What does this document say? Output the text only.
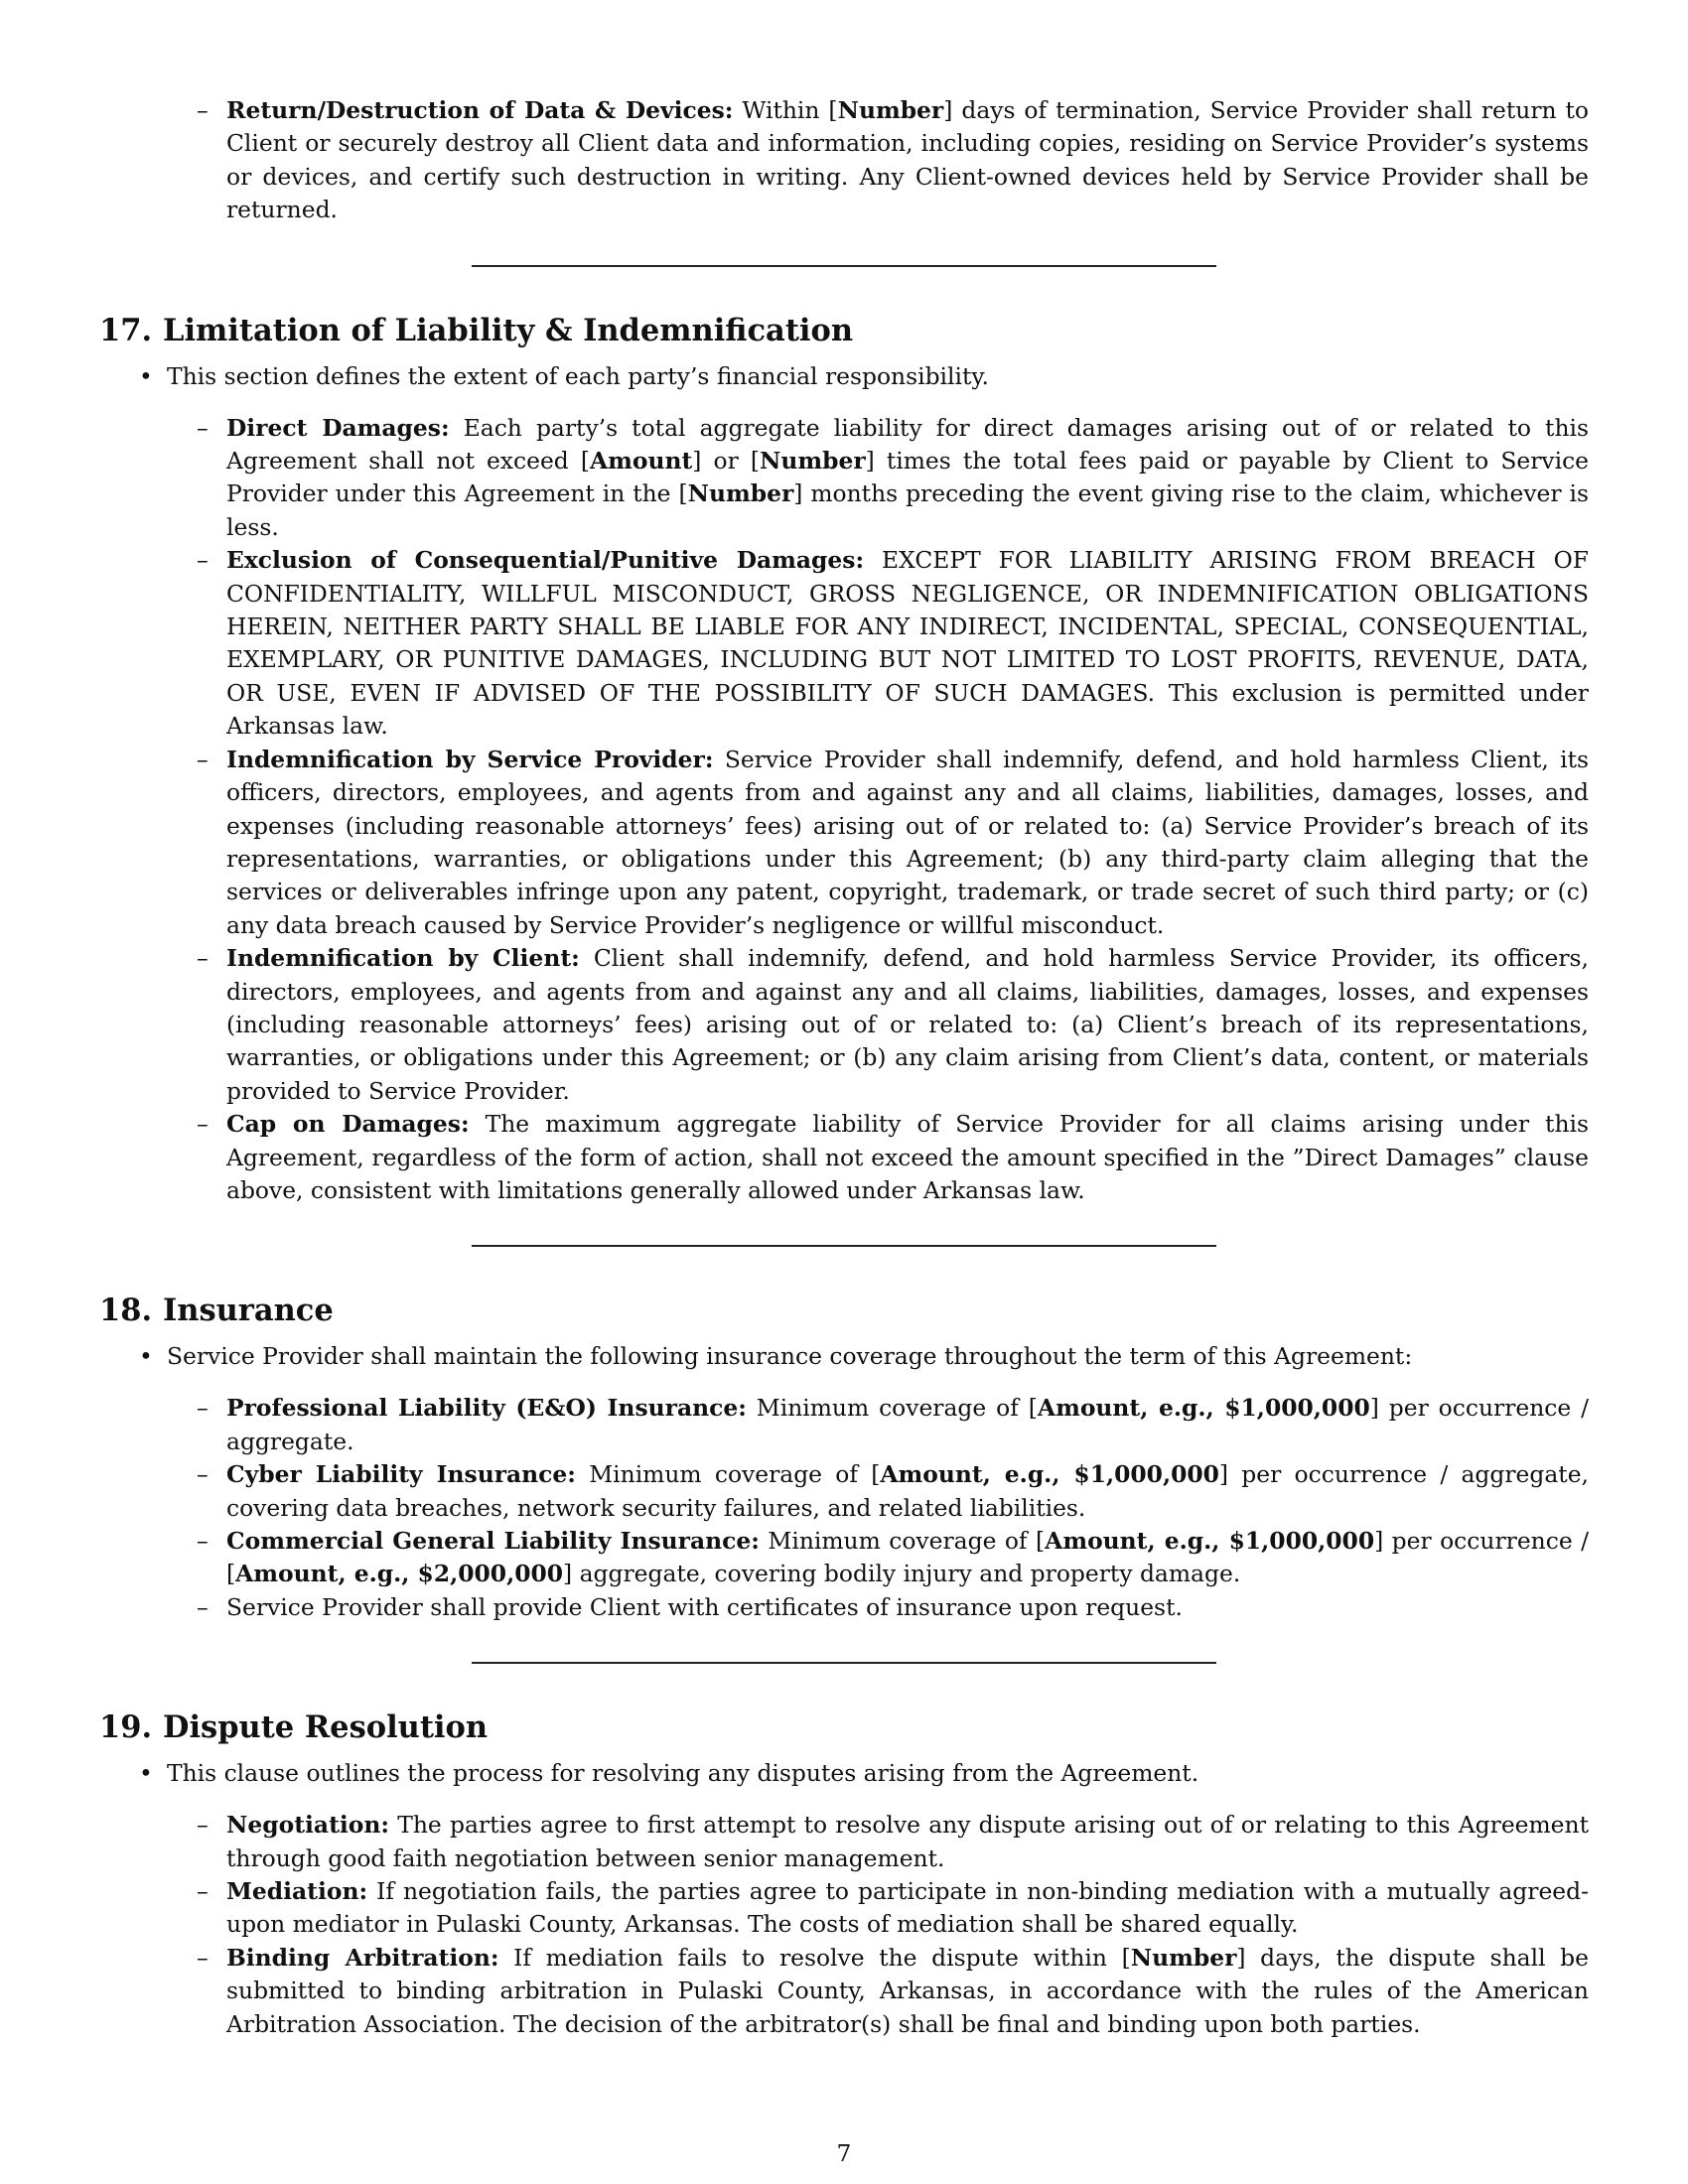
– Return/Destruction of Data & Devices: Within [Number] days of termination, Service Provider shall return to Client or securely destroy all Client data and information, including copies, residing on Service Provider’s systems or devices, and certify such destruction in writing. Any Client-owned devices held by Service Provider shall be returned.
17. Limitation of Liability & Indemnification
• This section defines the extent of each party’s financial responsibility.
– Direct Damages: Each party’s total aggregate liability for direct damages arising out of or related to this Agreement shall not exceed [Amount] or [Number] times the total fees paid or payable by Client to Service Provider under this Agreement in the [Number] months preceding the event giving rise to the claim, whichever is less.
– Exclusion of Consequential/Punitive Damages: EXCEPT FOR LIABILITY ARISING FROM BREACH OF CONFIDENTIALITY, WILLFUL MISCONDUCT, GROSS NEGLIGENCE, OR INDEMNIFICATION OBLIGATIONS HEREIN, NEITHER PARTY SHALL BE LIABLE FOR ANY INDIRECT, INCIDENTAL, SPECIAL, CONSEQUENTIAL, EXEMPLARY, OR PUNITIVE DAMAGES, INCLUDING BUT NOT LIMITED TO LOST PROFITS, REVENUE, DATA, OR USE, EVEN IF ADVISED OF THE POSSIBILITY OF SUCH DAMAGES. This exclusion is permitted under Arkansas law.
– Indemnification by Service Provider: Service Provider shall indemnify, defend, and hold harmless Client, its officers, directors, employees, and agents from and against any and all claims, liabilities, damages, losses, and expenses (including reasonable attorneys’ fees) arising out of or related to: (a) Service Provider’s breach of its representations, warranties, or obligations under this Agreement; (b) any third-party claim alleging that the services or deliverables infringe upon any patent, copyright, trademark, or trade secret of such third party; or (c) any data breach caused by Service Provider’s negligence or willful misconduct.
– Indemnification by Client: Client shall indemnify, defend, and hold harmless Service Provider, its officers, directors, employees, and agents from and against any and all claims, liabilities, damages, losses, and expenses (including reasonable attorneys’ fees) arising out of or related to: (a) Client’s breach of its representations, warranties, or obligations under this Agreement; or (b) any claim arising from Client’s data, content, or materials provided to Service Provider.
– Cap on Damages: The maximum aggregate liability of Service Provider for all claims arising under this Agreement, regardless of the form of action, shall not exceed the amount specified in the ”Direct Damages” clause above, consistent with limitations generally allowed under Arkansas law.
18. Insurance
• Service Provider shall maintain the following insurance coverage throughout the term of this Agreement:
– Professional Liability (E&O) Insurance: Minimum coverage of [Amount, e.g., $1,000,000] per occurrence / aggregate.
– Cyber Liability Insurance: Minimum coverage of [Amount, e.g., $1,000,000] per occurrence / aggregate, covering data breaches, network security failures, and related liabilities.
– Commercial General Liability Insurance: Minimum coverage of [Amount, e.g., $1,000,000] per occurrence / [Amount, e.g., $2,000,000] aggregate, covering bodily injury and property damage.
– Service Provider shall provide Client with certificates of insurance upon request.
19. Dispute Resolution
• This clause outlines the process for resolving any disputes arising from the Agreement.
– Negotiation: The parties agree to first attempt to resolve any dispute arising out of or relating to this Agreement through good faith negotiation between senior management.
– Mediation: If negotiation fails, the parties agree to participate in non-binding mediation with a mutually agreed-upon mediator in Pulaski County, Arkansas. The costs of mediation shall be shared equally.
– Binding Arbitration: If mediation fails to resolve the dispute within [Number] days, the dispute shall be submitted to binding arbitration in Pulaski County, Arkansas, in accordance with the rules of the American Arbitration Association. The decision of the arbitrator(s) shall be final and binding upon both parties.
7
